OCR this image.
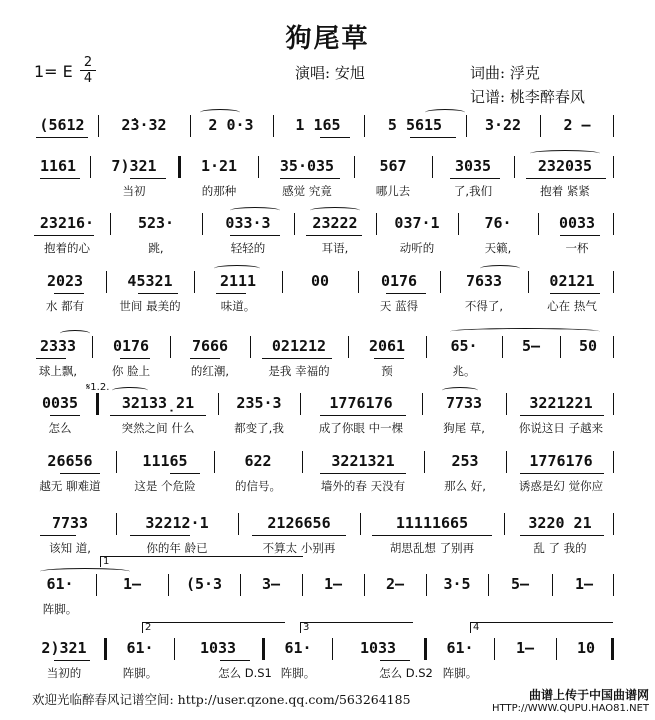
狗尾草
1= E 2
4	演唱: 安旭	词曲: 浮克
记谱: 桃李醉春风
(5612	2̇3·32	2 0·3	1 165	5 5615	3·22	2 –
1161	7)321	1·21	35·035	567	3035	232035
当初	的那种	感觉 究竟	哪儿去	了,我们	抱着 紧紧
23216·	523·	033·3	23222	037·1	76·	0033
抱着的心	跳,	轻轻的	耳语,	动听的	天籁,	一杯
2023	45321	2111	00	0176	7633	02121
水 都有	世间 最美的	味道。	天 蓝得	不得了,	心在 热气
2333	0176	7666	021212	2061	65·	5–	50
球上飘,	你 脸上	的红潮,	是我 幸福的	预	兆。
𝄋1.2.
0035	32133̣21	235·3	1776176	7733	3221221
怎么	突然之间 什么	都变了,我	成了你眼 中一棵	狗尾 草,	你说这日 子越来
26656	11165	622	3221321	253	1776176
越无 聊难道	这是 个危险	的信号。	墙外的春 天没有	那么 好,	诱惑是幻 觉你应
7733	32212·1	2126656	11111665	3220 21
该知 道,	你的年 龄已	不算太 小别再	胡思乱想 了别再	乱 了 我的
1
61·	1–	(5·3	3–	1–	2–	3·5	5–	1–
阵脚。
2	3	4
2)321	61·	1033	61·	1033	61·	1–	10
当初的	阵脚。	怎么 D.S1 阵脚。	怎么 D.S2 阵脚。
欢迎光临醉春风记谱空间: http://user.qzone.qq.com/563264185	曲谱上传于中国曲谱网
HTTP://WWW.QUPU.HAO81.NET
